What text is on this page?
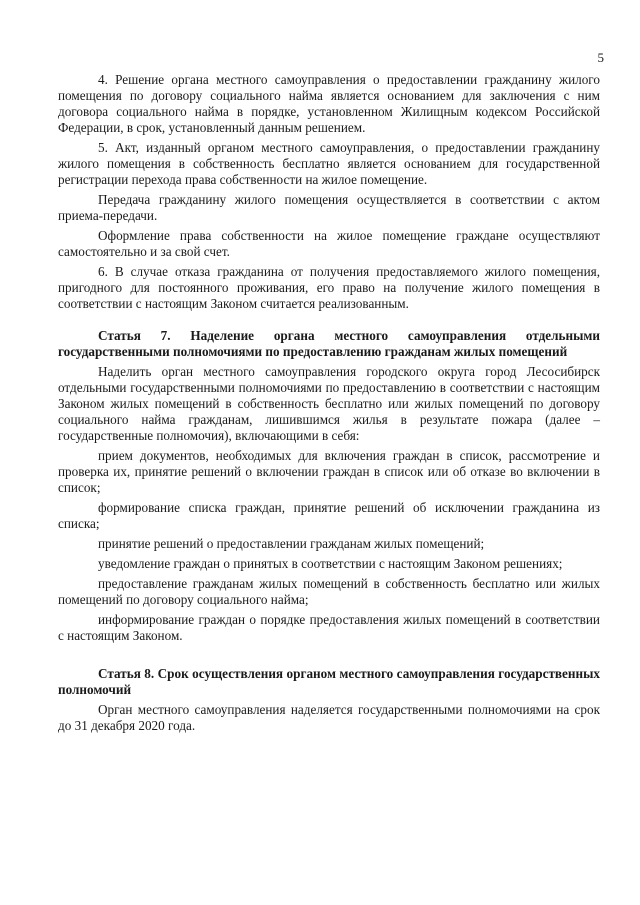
5

4. Решение органа местного самоуправления о предоставлении гражданину жилого помещения по договору социального найма является основанием для заключения с ним договора социального найма в порядке, установленном Жилищным кодексом Российской Федерации, в срок, установленный данным решением.

5. Акт, изданный органом местного самоуправления, о предоставлении гражданину жилого помещения в собственность бесплатно является основанием для государственной регистрации перехода права собственности на жилое помещение.

Передача гражданину жилого помещения осуществляется в соответствии с актом приема-передачи.

Оформление права собственности на жилое помещение граждане осуществляют самостоятельно и за свой счет.

6. В случае отказа гражданина от получения предоставляемого жилого помещения, пригодного для постоянного проживания, его право на получение жилого помещения в соответствии с настоящим Законом считается реализованным.

Статья 7. Наделение органа местного самоуправления отдельными государственными полномочиями по предоставлению гражданам жилых помещений

Наделить орган местного самоуправления городского округа город Лесосибирск отдельными государственными полномочиями по предоставлению в соответствии с настоящим Законом жилых помещений в собственность бесплатно или жилых помещений по договору социального найма гражданам, лишившимся жилья в результате пожара (далее – государственные полномочия), включающими в себя:

прием документов, необходимых для включения граждан в список, рассмотрение и проверка их, принятие решений о включении граждан в список или об отказе во включении в список;

формирование списка граждан, принятие решений об исключении гражданина из списка;

принятие решений о предоставлении гражданам жилых помещений;

уведомление граждан о принятых в соответствии с настоящим Законом решениях;

предоставление гражданам жилых помещений в собственность бесплатно или жилых помещений по договору социального найма;

информирование граждан о порядке предоставления жилых помещений в соответствии с настоящим Законом.

Статья 8. Срок осуществления органом местного самоуправления государственных полномочий

Орган местного самоуправления наделяется государственными полномочиями на срок до 31 декабря 2020 года.
